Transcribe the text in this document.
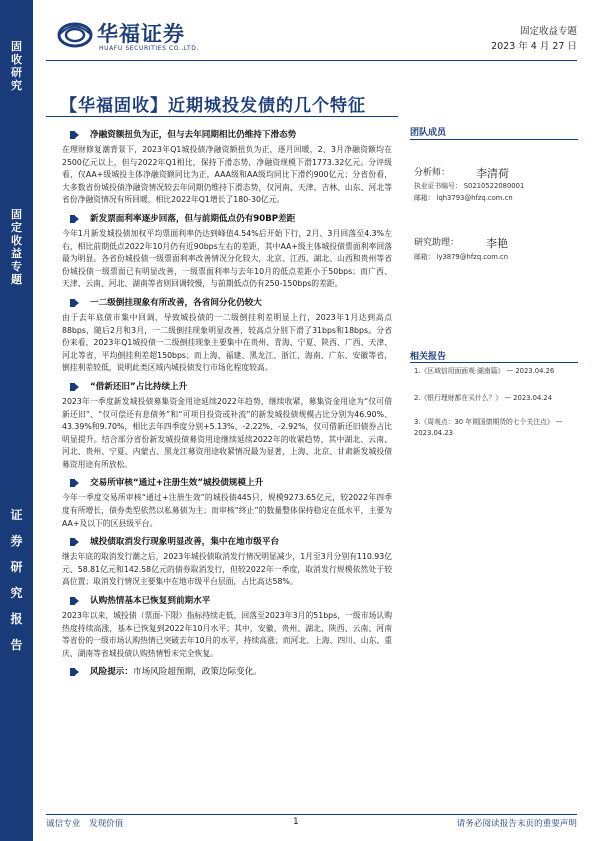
固
收
研
究
固
定
收
益
专
题
证
券
研
究
报
告
华福证券
HUAFU SECURITIES CO.,LTD.
固定收益专题
2023 年 4 月 27 日
【华福固收】近期城投发债的几个特征
净融资额扭负为正，但与去年同期相比仍维持下滑态势
在理财修复潮背景下，2023年Q1城投债净融资额扭负为正，逐月回暖，2、3月净融资额均在2500亿元以上，但与2022年Q1相比，保持下滑态势，净融资规模下滑1773.32亿元。分评级看，仅AA+级城投主体净融资额同比为正，AAA级和AA级均同比下滑约900亿元；分省份看，大多数省份城投债净融资情况较去年同期仍维持下滑态势，仅河南、天津、吉林、山东、河北等省份净融资情况有所回暖，相比2022年Q1增长了180-30亿元。
新发票面利率逐步回落，但与前期低点仍有90BP差距
今年1月新发城投债加权平均票面利率仍达到峰值4.54%后开始下行，2月、3月回落至4.3%左右，相比前期低点2022年10月仍有近90bps左右的差距，其中AA+级主体城投债票面利率回落最为明显。各省份城投债一级票面利率改善情况分化较大，北京、江西、湖北、山西和贵州等省份城投债一级票面已有明显改善，一级票面利率与去年10月的低点差距小于50bps；而广西、天津、云南、河北、湖南等省则回调较慢，与前期低点仍有250-150bps的差距。
一二级倒挂现象有所改善，各省间分化仍较大
由于去年底债市集中回调，导致城投债的一二级倒挂利差明显上行，2023年1月达到高点88bps，随后2月和3月，一二级倒挂现象明显改善，较高点分别下滑了31bps和18bps。分省份来看，2023年Q1城投债一二级倒挂现象主要集中在贵州、青海、宁夏、陕西、广西、天津、河北等省，平均倒挂利差超150bps；而上海、福建、黑龙江、浙江、海南、广东、安徽等省，倒挂利差较低，说明此类区域内城投债发行市场化程度较高。
“借新还旧”占比持续上升
2023年一季度新发城投债募集资金用途延续2022年趋势，继续收紧，募集资金用途为“仅可借新还旧”、“仅可偿还有息债务”和“可项目投资或补流”的新发城投债规模占比分别为46.90%、43.39%和9.70%，相比去年四季度分别+5.13%、-2.22%、-2.92%，仅可借新还旧债券占比明显提升。结合部分省份新发城投债募资用途继续延续2022年的收紧趋势，其中湖北、云南、河北、贵州、宁夏、内蒙古、黑龙江募资用途收紧情况最为显著，上海、北京、甘肃新发城投债募资用途有所放松。
交易所审核“通过+注册生效”城投债规模上升
今年一季度交易所审核“通过+注册生效”的城投债445只，规模9273.65亿元，较2022年四季度有所增长，债券类型依然以私募债为主；而审核“终止”的数量整体保持稳定在低水平，主要为AA+及以下的区县级平台。
城投债取消发行现象明显改善，集中在地市级平台
继去年底的取消发行潮之后，2023年城投债取消发行情况明显减少，1月至3月分别有110.93亿元、58.81亿元和142.58亿元的债券取消发行，但较2022年一季度，取消发行规模依然处于较高位置；取消发行情况主要集中在地市级平台层面，占比高达58%。
认购热情基本已恢复到前期水平
2023年以来，城投债（票面-下限）指标持续走低，回落至2023年3月的51bps，一级市场认购热度持续高涨，基本已恢复到2022年10月水平；其中，安徽、贵州、湖北、陕西、云南、河南等省份的一级市场认购热情已突破去年10月的水平，持续高涨；而河北、上海、四川、山东、重庆、湖南等省城投债认购热情暂未完全恢复。
风险提示：市场风险超预期，政策边际变化。
团队成员
分析师： 李清荷
执业证书编号： S0210522080001
邮箱： lqh3793@hfzq.com.cn
研究助理： 李艳
邮箱： ly3879@hfzq.com.cn
相关报告
1.《区域信用面面观·湖南篇》 — 2023.04.26
2.《银行理财都在买什么？》 — 2023.04.24
3.《周观点：30 年期国债期货的七个关注点》 — 2023.04.23
诚信专业　发现价值	1	请务必阅读报告末页的重要声明
